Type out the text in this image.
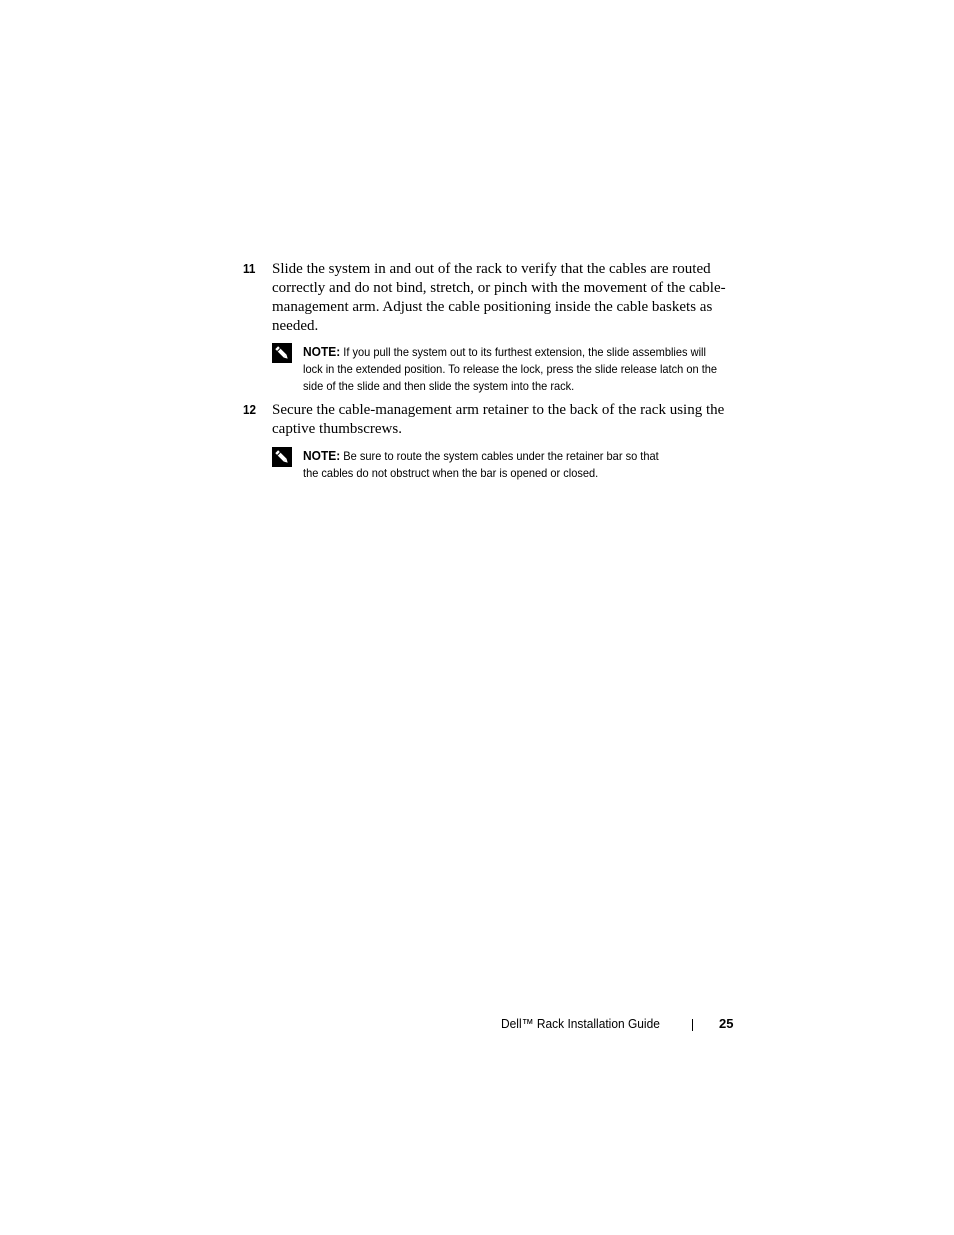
11 Slide the system in and out of the rack to verify that the cables are routed correctly and do not bind, stretch, or pinch with the movement of the cable-management arm. Adjust the cable positioning inside the cable baskets as needed.

NOTE: If you pull the system out to its furthest extension, the slide assemblies will lock in the extended position. To release the lock, press the slide release latch on the side of the slide and then slide the system into the rack.

12 Secure the cable-management arm retainer to the back of the rack using the captive thumbscrews.

NOTE: Be sure to route the system cables under the retainer bar so that the cables do not obstruct when the bar is opened or closed.

Dell™ Rack Installation Guide	25
